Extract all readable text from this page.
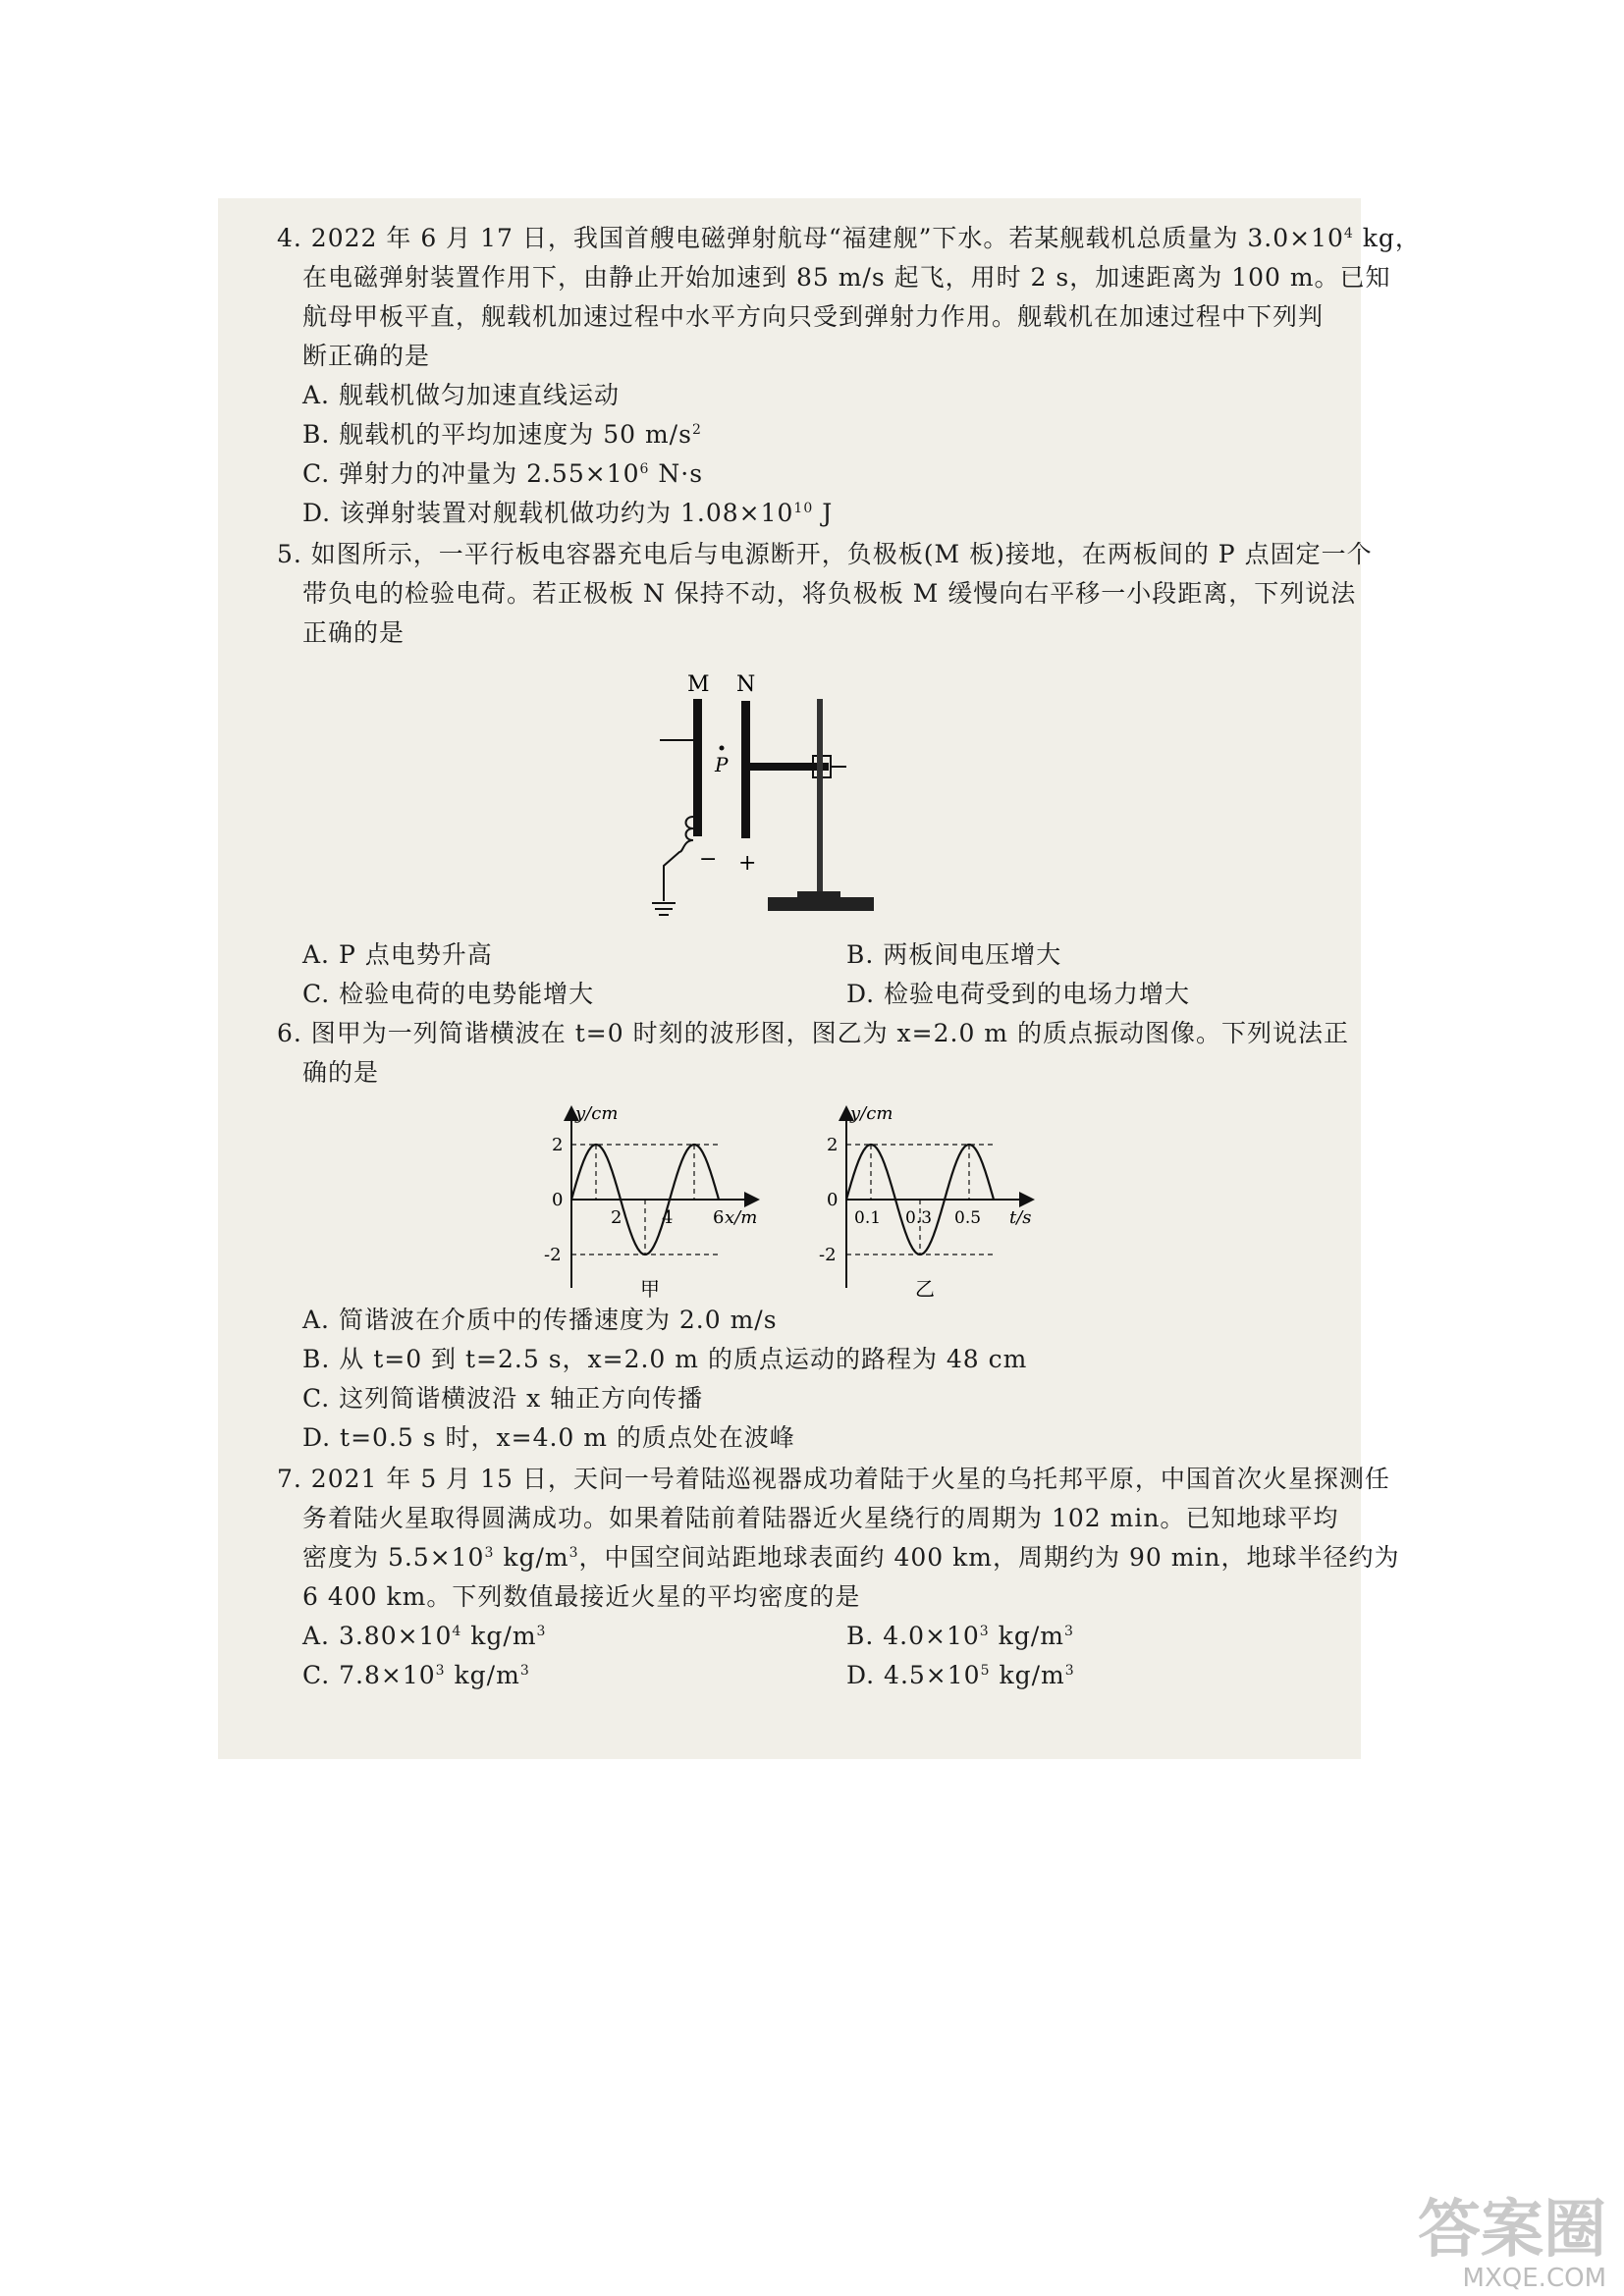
4. 2022 年 6 月 17 日，我国首艘电磁弹射航母“福建舰”下水。若某舰载机总质量为 $3.0\times 10^4$ kg，
在电磁弹射装置作用下，由静止开始加速到 85 m/s 起飞，用时 2 s，加速距离为 100 m。已知
航母甲板平直，舰载机加速过程中水平方向只受到弹射力作用。舰载机在加速过程中下列判
断正确的是
A. 舰载机做匀加速直线运动
B. 舰载机的平均加速度为 50 $m/s^2$
C. 弹射力的冲量为 $2.55\times 10^6$ N·s
D. 该弹射装置对舰载机做功约为 $1.08\times 10^{10}$ J
5. 如图所示，一平行板电容器充电后与电源断开，负极板(M 板)接地，在两板间的 P 点固定一个
带负电的检验电荷。若正极板 N 保持不动，将负极板 M 缓慢向右平移一小段距离，下列说法
正确的是
M N
P
− +
A. P 点电势升高	B. 两板间电压增大
C. 检验电荷的电势能增大	D. 检验电荷受到的电场力增大
6. 图甲为一列简谐横波在 t=0 时刻的波形图，图乙为 x=2.0 m 的质点振动图像。下列说法正
确的是
y/cm
x/m
2
0
-2
2 4 6
甲
y/cm
t/s
2
0
-2
0.1 0.3 0.5
乙
A. 简谐波在介质中的传播速度为 2.0 m/s
B. 从 t=0 到 t=2.5 s，x=2.0 m 的质点运动的路程为 48 cm
C. 这列简谐横波沿 x 轴正方向传播
D. t=0.5 s 时，x=4.0 m 的质点处在波峰
7. 2021 年 5 月 15 日，天问一号着陆巡视器成功着陆于火星的乌托邦平原，中国首次火星探测任
务着陆火星取得圆满成功。如果着陆前着陆器近火星绕行的周期为 102 min。已知地球平均
密度为 $5.5\times 10^3$ $kg/m^3$，中国空间站距地球表面约 400 km，周期约为 90 min，地球半径约为
6 400 km。下列数值最接近火星的平均密度的是
A. $3.80\times 10^4$ $kg/m^3$	B. $4.0\times 10^3$ $kg/m^3$
C. $7.8\times 10^3$ $kg/m^3$	D. $4.5\times 10^5$ $kg/m^3$
答案圈
MXQE.COM
